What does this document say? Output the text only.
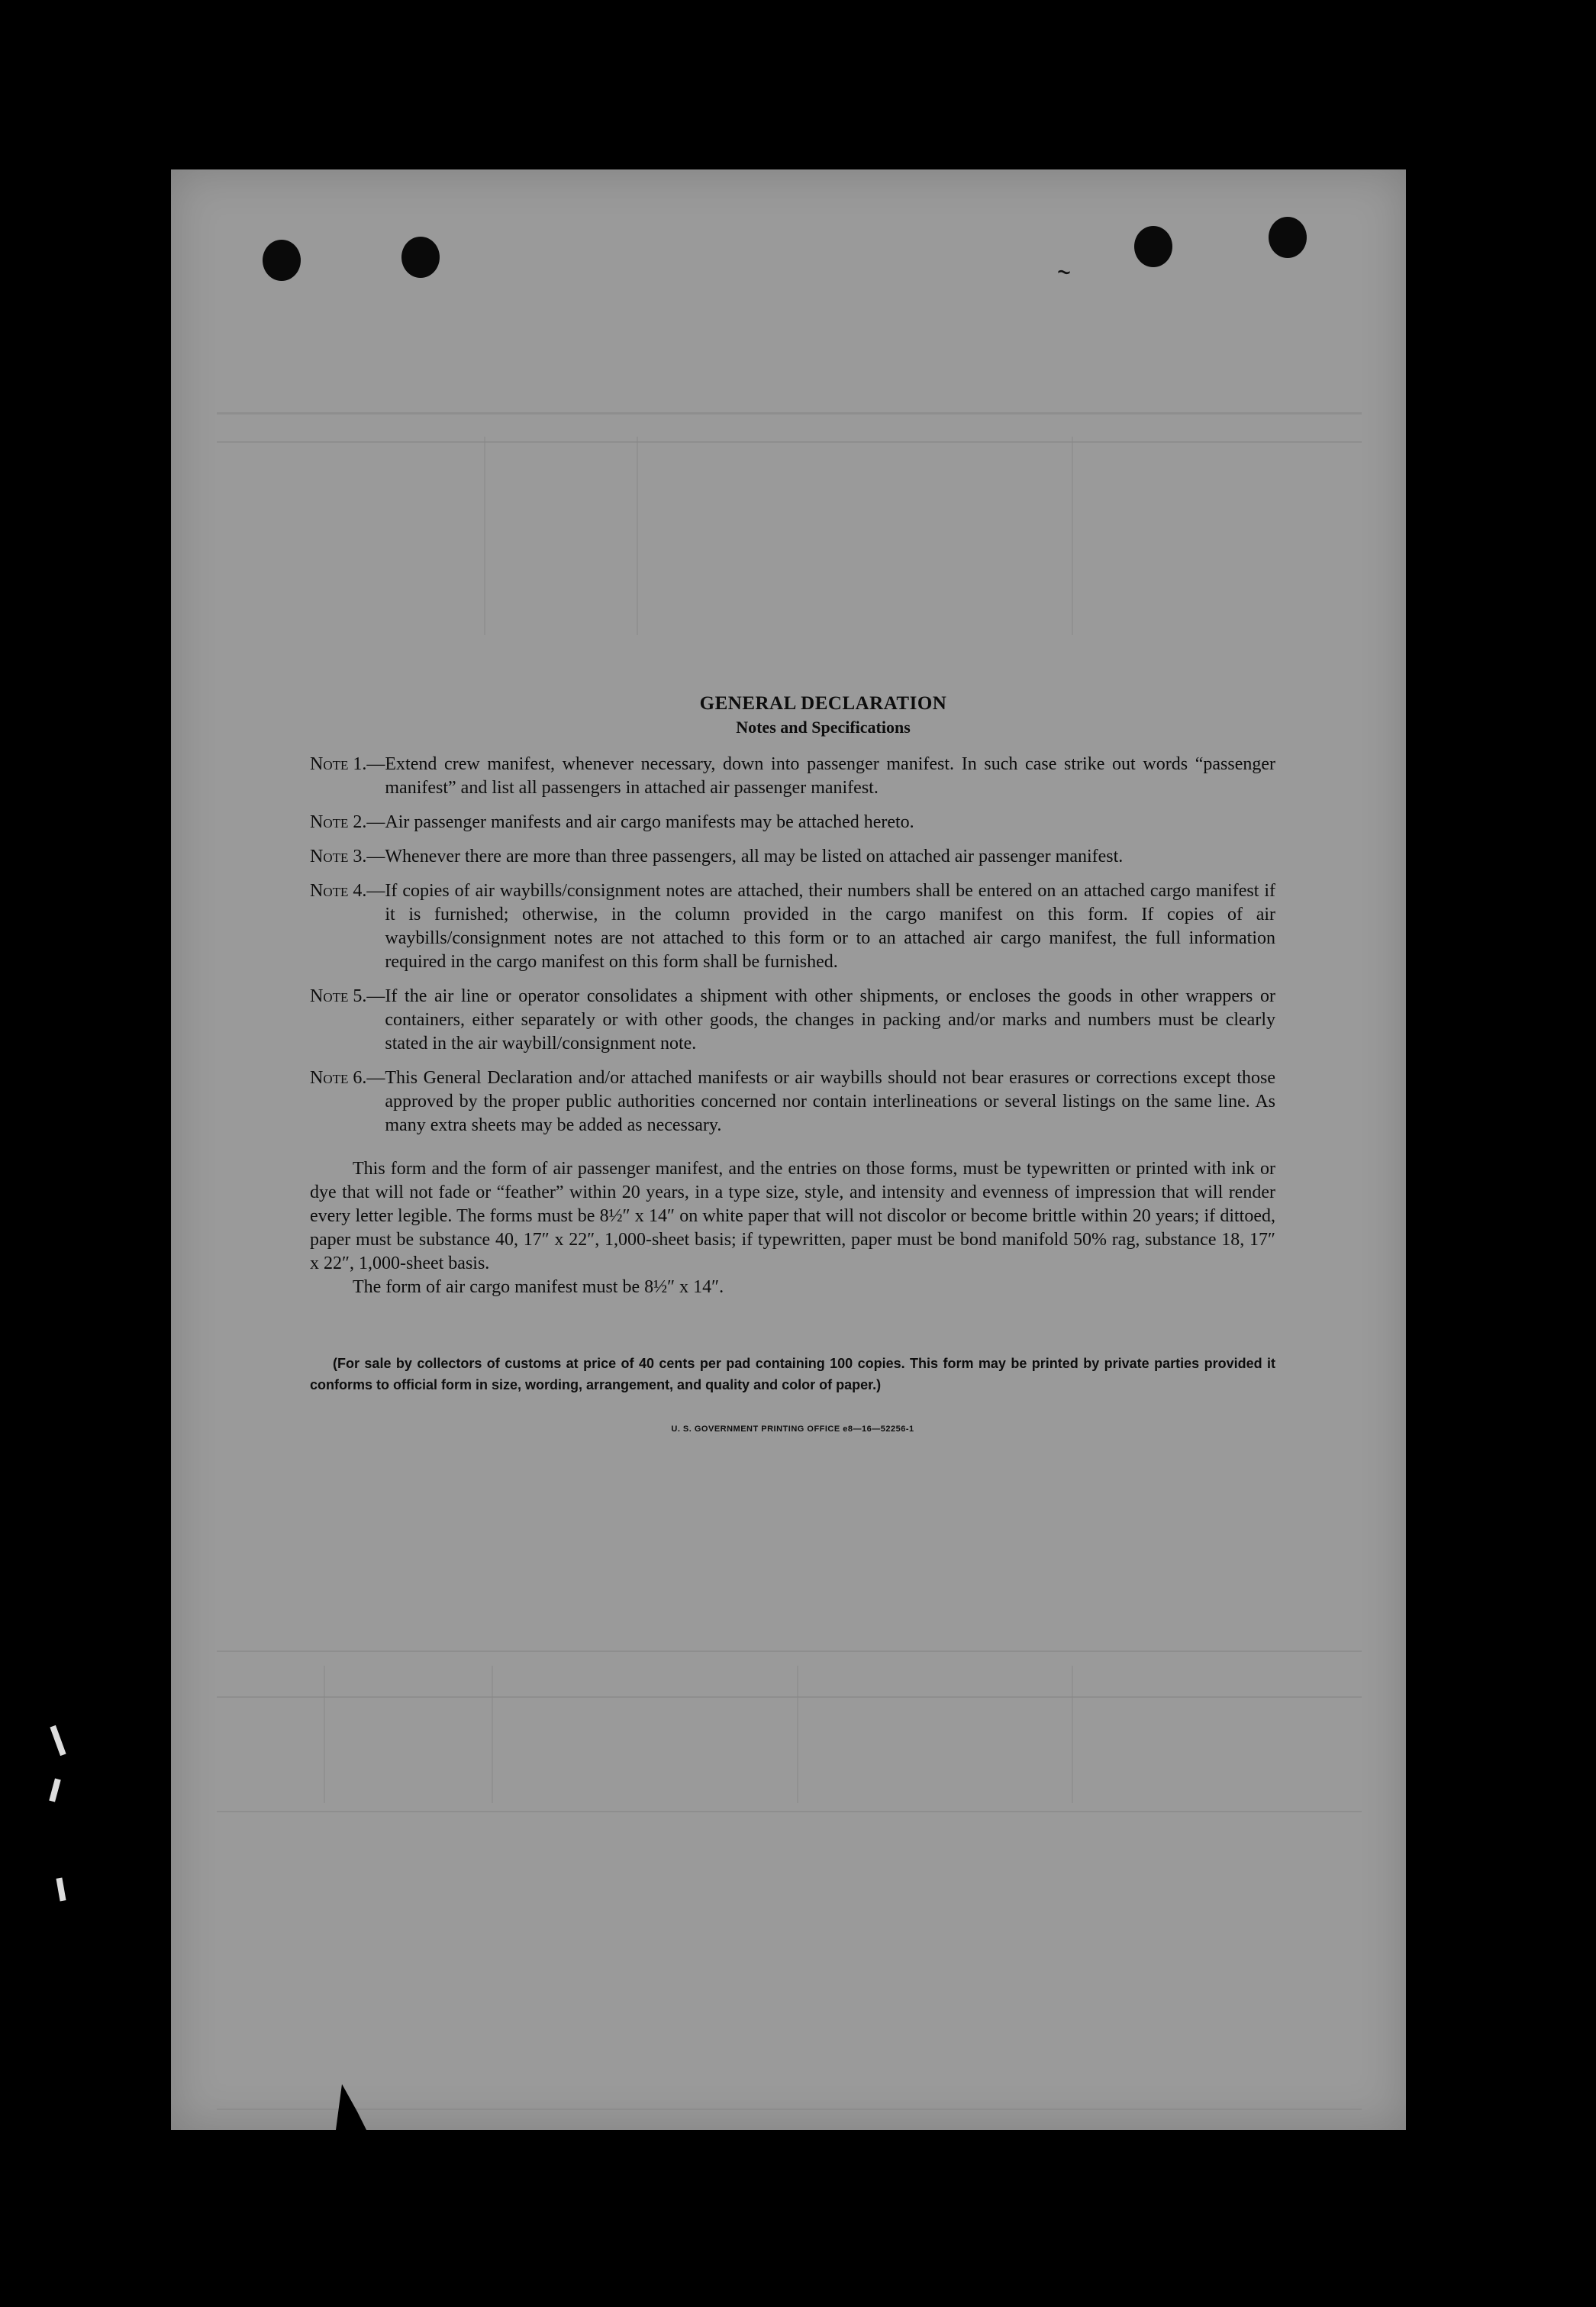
~
GENERAL DECLARATION
Notes and Specifications
Note 1.— Extend crew manifest, whenever necessary, down into passenger manifest. In such case strike out words “passenger manifest” and list all passengers in attached air passenger manifest.
Note 2.— Air passenger manifests and air cargo manifests may be attached hereto.
Note 3.— Whenever there are more than three passengers, all may be listed on attached air passenger manifest.
Note 4.— If copies of air waybills/consignment notes are attached, their numbers shall be entered on an attached cargo manifest if it is furnished; otherwise, in the column provided in the cargo manifest on this form. If copies of air waybills/consignment notes are not attached to this form or to an attached air cargo manifest, the full information required in the cargo manifest on this form shall be furnished.
Note 5.— If the air line or operator consolidates a shipment with other shipments, or encloses the goods in other wrappers or containers, either separately or with other goods, the changes in packing and/or marks and numbers must be clearly stated in the air waybill/consignment note.
Note 6.— This General Declaration and/or attached manifests or air waybills should not bear erasures or corrections except those approved by the proper public authorities concerned nor contain interlineations or several listings on the same line. As many extra sheets may be added as necessary.
This form and the form of air passenger manifest, and the entries on those forms, must be typewritten or printed with ink or dye that will not fade or “feather” within 20 years, in a type size, style, and intensity and evenness of impression that will render every letter legible. The forms must be 8½″ x 14″ on white paper that will not discolor or become brittle within 20 years; if dittoed, paper must be substance 40, 17″ x 22″, 1,000-sheet basis; if typewritten, paper must be bond manifold 50% rag, substance 18, 17″ x 22″, 1,000-sheet basis.
The form of air cargo manifest must be 8½″ x 14″.
(For sale by collectors of customs at price of 40 cents per pad containing 100 copies. This form may be printed by private parties provided it conforms to official form in size, wording, arrangement, and quality and color of paper.)
U. S. GOVERNMENT PRINTING OFFICE e8—16—52256-1
